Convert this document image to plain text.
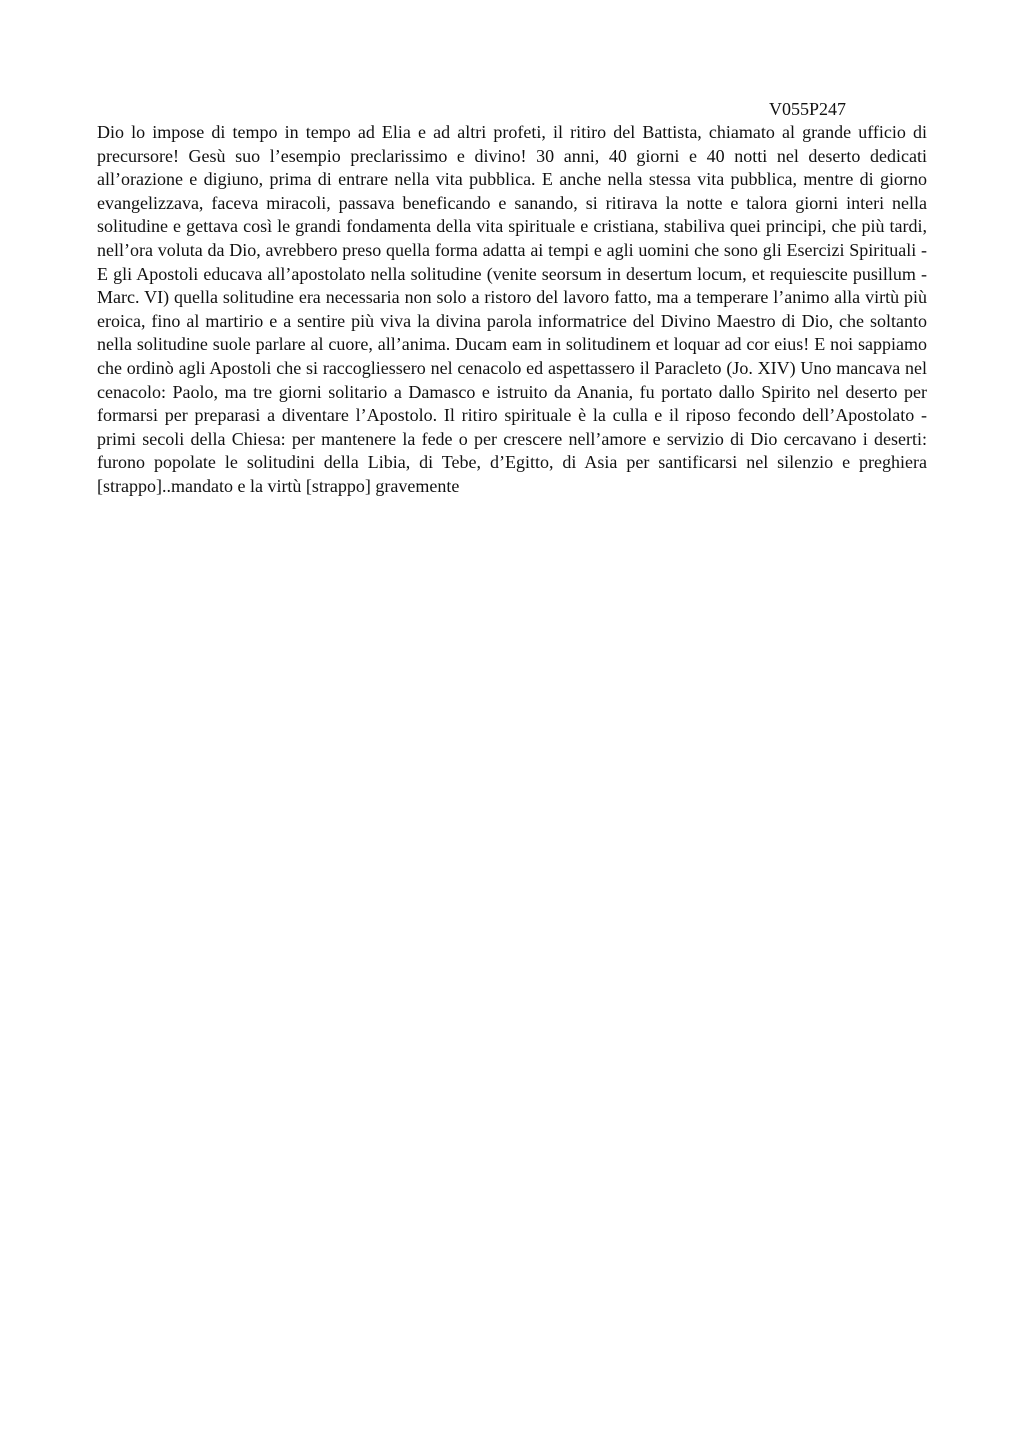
V055P247

Dio lo impose di tempo in tempo ad Elia e ad altri profeti, il ritiro del Battista, chiamato al grande ufficio di precursore! Gesù suo l’esempio preclarissimo e divino! 30 anni, 40 giorni e 40 notti nel deserto dedicati all’orazione e digiuno, prima di entrare nella vita pubblica. E anche nella stessa vita pubblica, mentre di giorno evangelizzava, faceva miracoli, passava beneficando e sanando, si ritirava la notte e talora giorni interi nella solitudine e gettava così le grandi fondamenta della vita spirituale e cristiana, stabiliva quei principi, che più tardi, nell’ora voluta da Dio, avrebbero preso quella forma adatta ai tempi e agli uomini che sono gli Esercizi Spirituali - E gli Apostoli educava all’apostolato nella solitudine (venite seorsum in desertum locum, et requiescite pusillum - Marc. VI) quella solitudine era necessaria non solo a ristoro del lavoro fatto, ma a temperare l’animo alla virtù più eroica, fino al martirio e a sentire più viva la divina parola informatrice del Divino Maestro di Dio, che soltanto nella solitudine suole parlare al cuore, all’anima. Ducam eam in solitudinem et loquar ad cor eius! E noi sappiamo che ordinò agli Apostoli che si raccogliessero nel cenacolo ed aspettassero il Paracleto (Jo. XIV) Uno mancava nel cenacolo: Paolo, ma tre giorni solitario a Damasco e istruito da Anania, fu portato dallo Spirito nel deserto per formarsi per preparasi a diventare l’Apostolo. Il ritiro spirituale è la culla e il riposo fecondo dell’Apostolato - primi secoli della Chiesa: per mantenere la fede o per crescere nell’amore e servizio di Dio cercavano i deserti: furono popolate le solitudini della Libia, di Tebe, d’Egitto, di Asia per santificarsi nel silenzio e preghiera [strappo]..mandato e la virtù [strappo] gravemente
